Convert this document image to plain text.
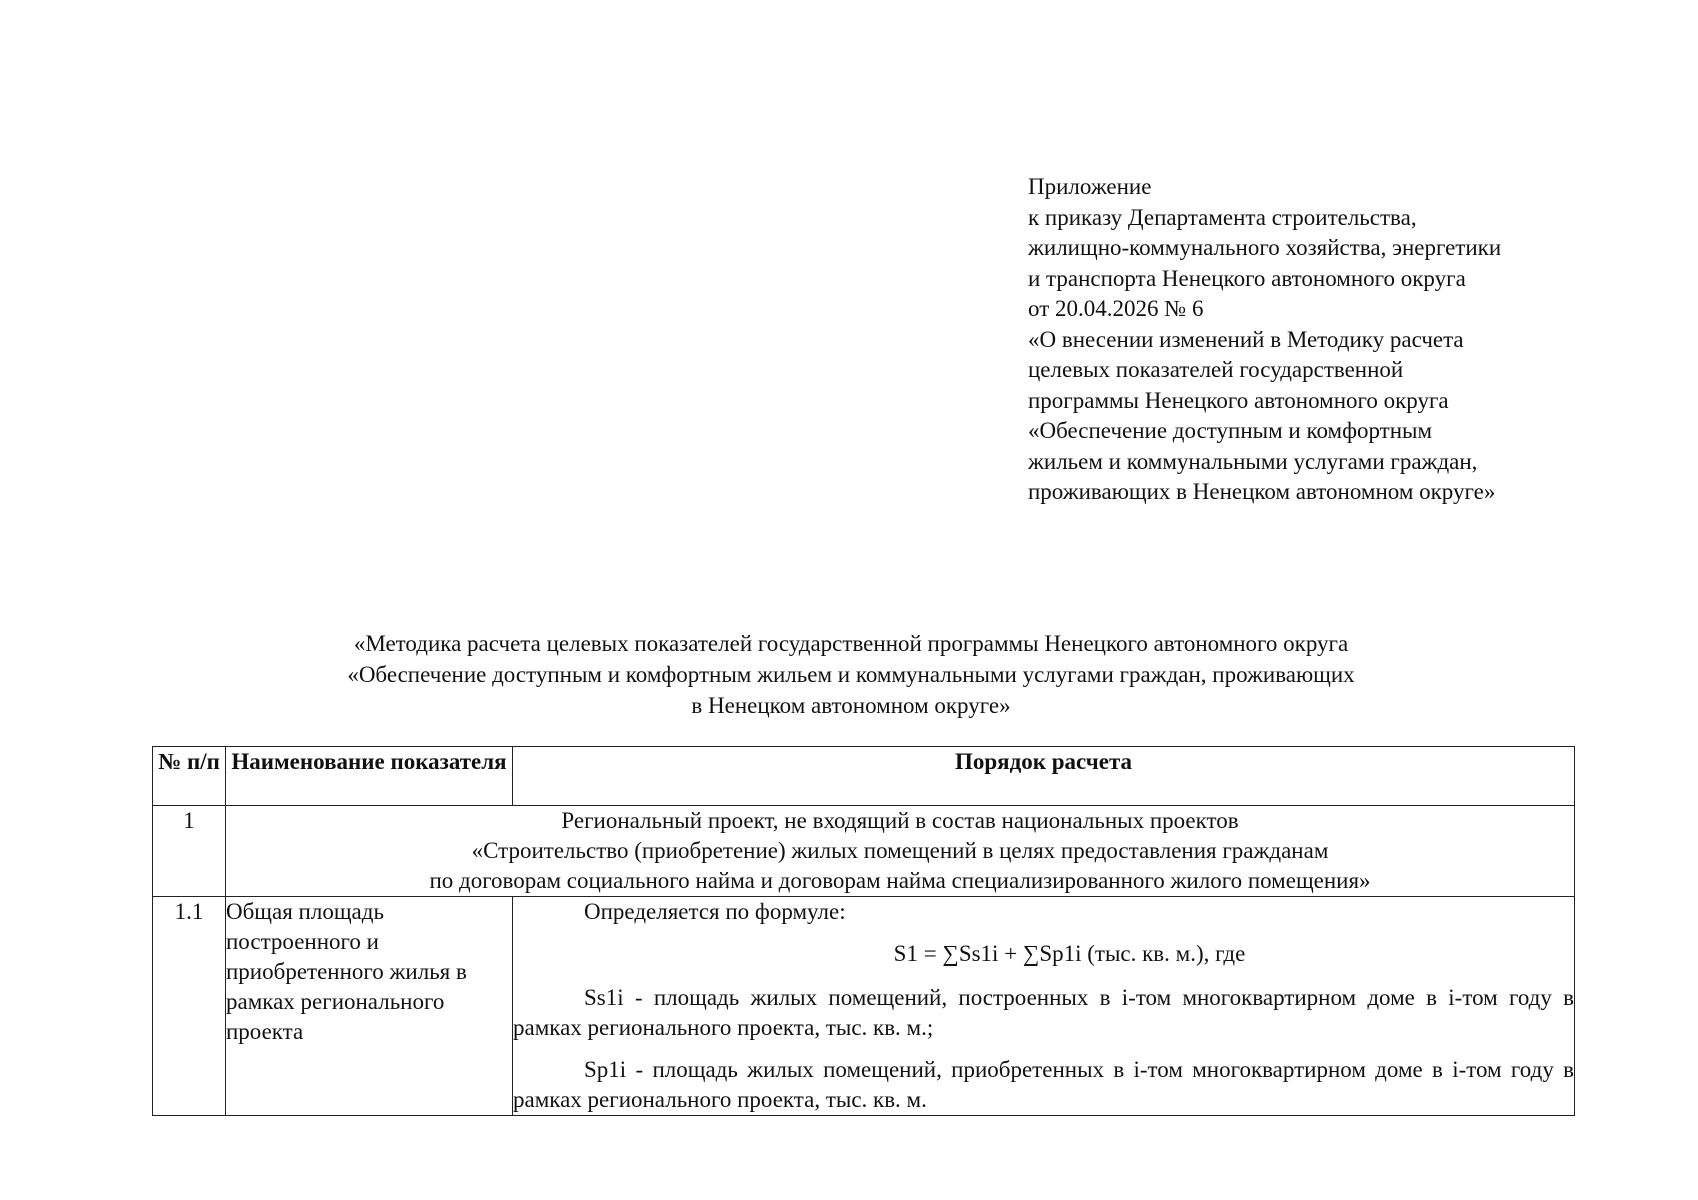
Приложение
к приказу Департамента строительства,
жилищно-коммунального хозяйства, энергетики
и транспорта Ненецкого автономного округа
от 20.04.2026 № 6
«О внесении изменений в Методику расчета
целевых показателей государственной
программы Ненецкого автономного округа
«Обеспечение доступным и комфортным
жильем и коммунальными услугами граждан,
проживающих в Ненецком автономном округе»
«Методика расчета целевых показателей государственной программы Ненецкого автономного округа
«Обеспечение доступным и комфортным жильем и коммунальными услугами граждан, проживающих
в Ненецком автономном округе»
№ п/п	Наименование показателя	Порядок расчета
1	Региональный проект, не входящий в состав национальных проектов
«Строительство (приобретение) жилых помещений в целях предоставления гражданам
по договорам социального найма и договорам найма специализированного жилого помещения»	

1.1	Общая площадь построенного и приобретенного жилья в рамках регионального проекта	Определяется по формуле:
S1 = ∑Ss1i + ∑Sp1i (тыс. кв. м.), где
Ss1i - площадь жилых помещений, построенных в i-том многоквартирном доме в i-том году в рамках регионального проекта, тыс. кв. м.;
Sp1i - площадь жилых помещений, приобретенных в i-том многоквартирном доме в i-том году в рамках регионального проекта, тыс. кв. м.
